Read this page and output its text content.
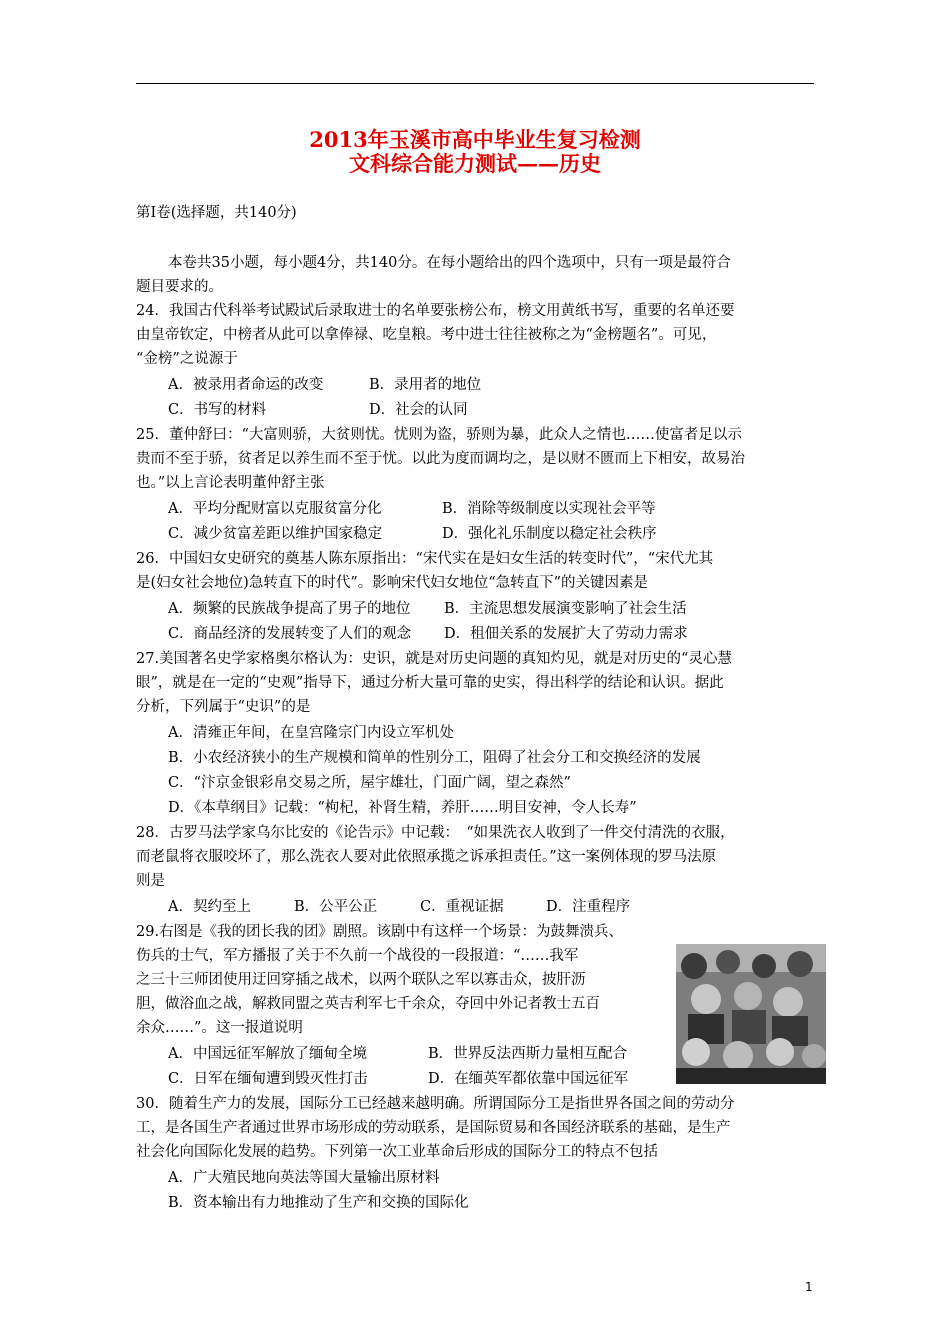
2013年玉溪市高中毕业生复习检测
文科综合能力测试——历史
第Ⅰ卷(选择题，共140分)
本卷共35小题，每小题4分，共140分。在每小题给出的四个选项中，只有一项是最符合
题目要求的。
24．我国古代科举考试殿试后录取进士的名单要张榜公布，榜文用黄纸书写，重要的名单还要
由皇帝钦定，中榜者从此可以拿俸禄、吃皇粮。考中进士往往被称之为“金榜题名”。可见，
“金榜”之说源于
A．被录用者命运的改变	B．录用者的地位
C．书写的材料	D．社会的认同
25．董仲舒曰：“大富则骄，大贫则忧。忧则为盗，骄则为暴，此众人之情也……使富者足以示
贵而不至于骄，贫者足以养生而不至于忧。以此为度而调均之，是以财不匮而上下相安，故易治
也。”以上言论表明董仲舒主张
A．平均分配财富以克服贫富分化	B．消除等级制度以实现社会平等
C．减少贫富差距以维护国家稳定	D．强化礼乐制度以稳定社会秩序
26．中国妇女史研究的奠基人陈东原指出：“宋代实在是妇女生活的转变时代”，“宋代尤其
是(妇女社会地位)急转直下的时代”。影响宋代妇女地位“急转直下”的关键因素是
A．频繁的民族战争提高了男子的地位 B．主流思想发展演变影响了社会生活
C．商品经济的发展转变了人们的观念 D．租佃关系的发展扩大了劳动力需求
27.美国著名史学家格奥尔格认为：史识，就是对历史问题的真知灼见，就是对历史的“灵心慧
眼”，就是在一定的“史观”指导下，通过分析大量可靠的史实，得出科学的结论和认识。据此
分析，下列属于“史识”的是
A．清雍正年间，在皇宫隆宗门内设立军机处
B．小农经济狭小的生产规模和简单的性别分工，阻碍了社会分工和交换经济的发展
C．“汴京金银彩帛交易之所，屋宇雄壮，门面广阔，望之森然”
D．《本草纲目》记载：“枸杞，补肾生精，养肝……明目安神，令人长寿”
28．古罗马法学家乌尔比安的《论告示》中记载：　“如果洗衣人收到了一件交付清洗的衣服，
而老鼠将衣服咬坏了，那么洗衣人要对此依照承揽之诉承担责任。”这一案例体现的罗马法原
则是
A．契约至上	B．公平公正	C．重视证据	D．注重程序
29.右图是《我的团长我的团》剧照。该剧中有这样一个场景：为鼓舞溃兵、
伤兵的士气，军方播报了关于不久前一个战役的一段报道：“……我军
之三十三师团使用迂回穿插之战术，以两个联队之军以寡击众，披肝沥
胆，做浴血之战，解救同盟之英吉利军七千余众，夺回中外记者教士五百
余众……”。这一报道说明
A．中国远征军解放了缅甸全境	B．世界反法西斯力量相互配合
C．日军在缅甸遭到毁灭性打击	D．在缅英军都依靠中国远征军
30．随着生产力的发展，国际分工已经越来越明确。所谓国际分工是指世界各国之间的劳动分
工，是各国生产者通过世界市场形成的劳动联系，是国际贸易和各国经济联系的基础，是生产
社会化向国际化发展的趋势。下列第一次工业革命后形成的国际分工的特点不包括
A．广大殖民地向英法等国大量输出原材料
B．资本输出有力地推动了生产和交换的国际化
1
